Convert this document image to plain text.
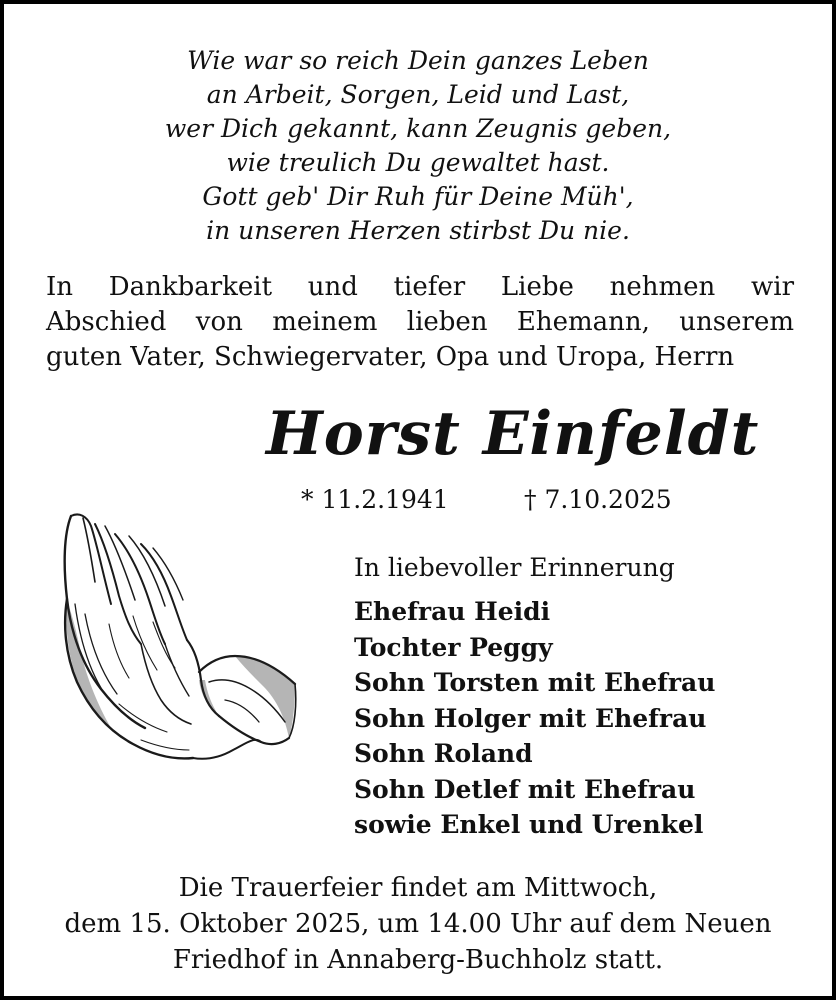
Wie war so reich Dein ganzes Leben
an Arbeit, Sorgen, Leid und Last,
wer Dich gekannt, kann Zeugnis geben,
wie treulich Du gewaltet hast.
Gott geb' Dir Ruh für Deine Müh',
in unseren Herzen stirbst Du nie.
In Dankbarkeit und tiefer Liebe nehmen wir
Abschied von meinem lieben Ehemann, unserem
guten Vater, Schwiegervater, Opa und Uropa, Herrn
Horst Einfeldt
* 11.2.1941	† 7.10.2025
In liebevoller Erinnerung
Ehefrau Heidi
Tochter Peggy
Sohn Torsten mit Ehefrau
Sohn Holger mit Ehefrau
Sohn Roland
Sohn Detlef mit Ehefrau
sowie Enkel und Urenkel
Die Trauerfeier findet am Mittwoch,
dem 15. Oktober 2025, um 14.00 Uhr auf dem Neuen
Friedhof in Annaberg-Buchholz statt.
